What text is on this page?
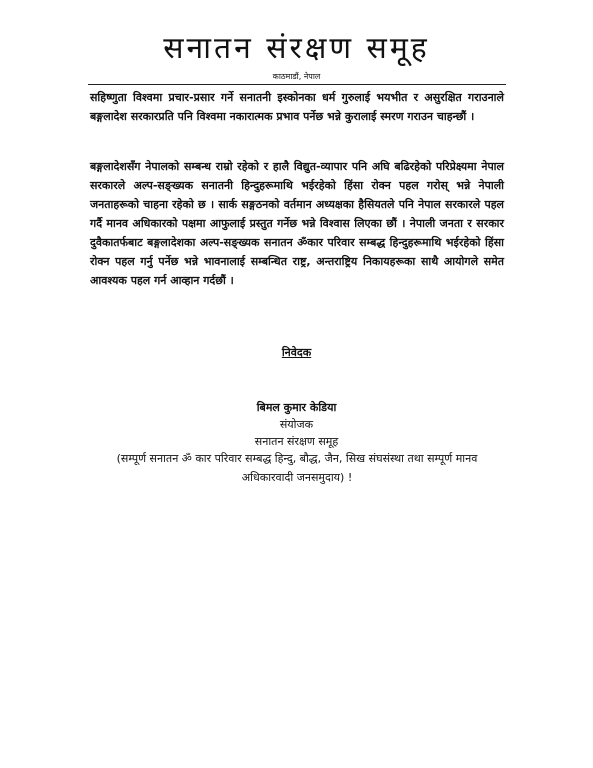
सनातन संरक्षण समूह
काठमाडौं, नेपाल

सहिष्णुता विश्वमा प्रचार-प्रसार गर्ने सनातनी इस्कोनका धर्म गुरुलाई भयभीत र असुरक्षित गराउनाले बङ्गलादेश सरकारप्रति पनि विश्वमा नकारात्मक प्रभाव पर्नेछ भन्ने कुरालाई स्मरण गराउन चाहन्छौं ।

बङ्गलादेशसँग नेपालको सम्बन्ध राम्रो रहेको र हालै विद्युत-व्यापार पनि अघि बढिरहेको परिप्रेक्ष्यमा नेपाल सरकारले अल्प-सङ्ख्यक सनातनी हिन्दुहरूमाथि भईरहेको हिंसा रोक्न पहल गरोस् भन्ने नेपाली जनताहरूको चाहना रहेको छ । सार्क सङ्गठनको वर्तमान अध्यक्षका हैसियतले पनि नेपाल सरकारले पहल गर्दै मानव अधिकारको पक्षमा आफुलाई प्रस्तुत गर्नेछ भन्ने विश्वास लिएका छौं । नेपाली जनता र सरकार दुवैकातर्फबाट बङ्गलादेशका अल्प-सङ्ख्यक सनातन ॐकार परिवार सम्बद्ध हिन्दुहरूमाथि भईरहेको हिंसा रोक्न पहल गर्नु पर्नेछ भन्ने भावनालाई सम्बन्धित राष्ट्र, अन्तराष्ट्रिय निकायहरूका साथै आयोगले समेत आवश्यक पहल गर्न आव्हान गर्दछौं ।

निवेदक

बिमल कुमार केडिया

संयोजक

सनातन संरक्षण समूह

(सम्पूर्ण सनातन ॐ कार परिवार सम्बद्ध हिन्दु, बौद्ध, जैन, सिख संघसंस्था तथा सम्पूर्ण मानव अधिकारवादी जनसमुदाय) !
